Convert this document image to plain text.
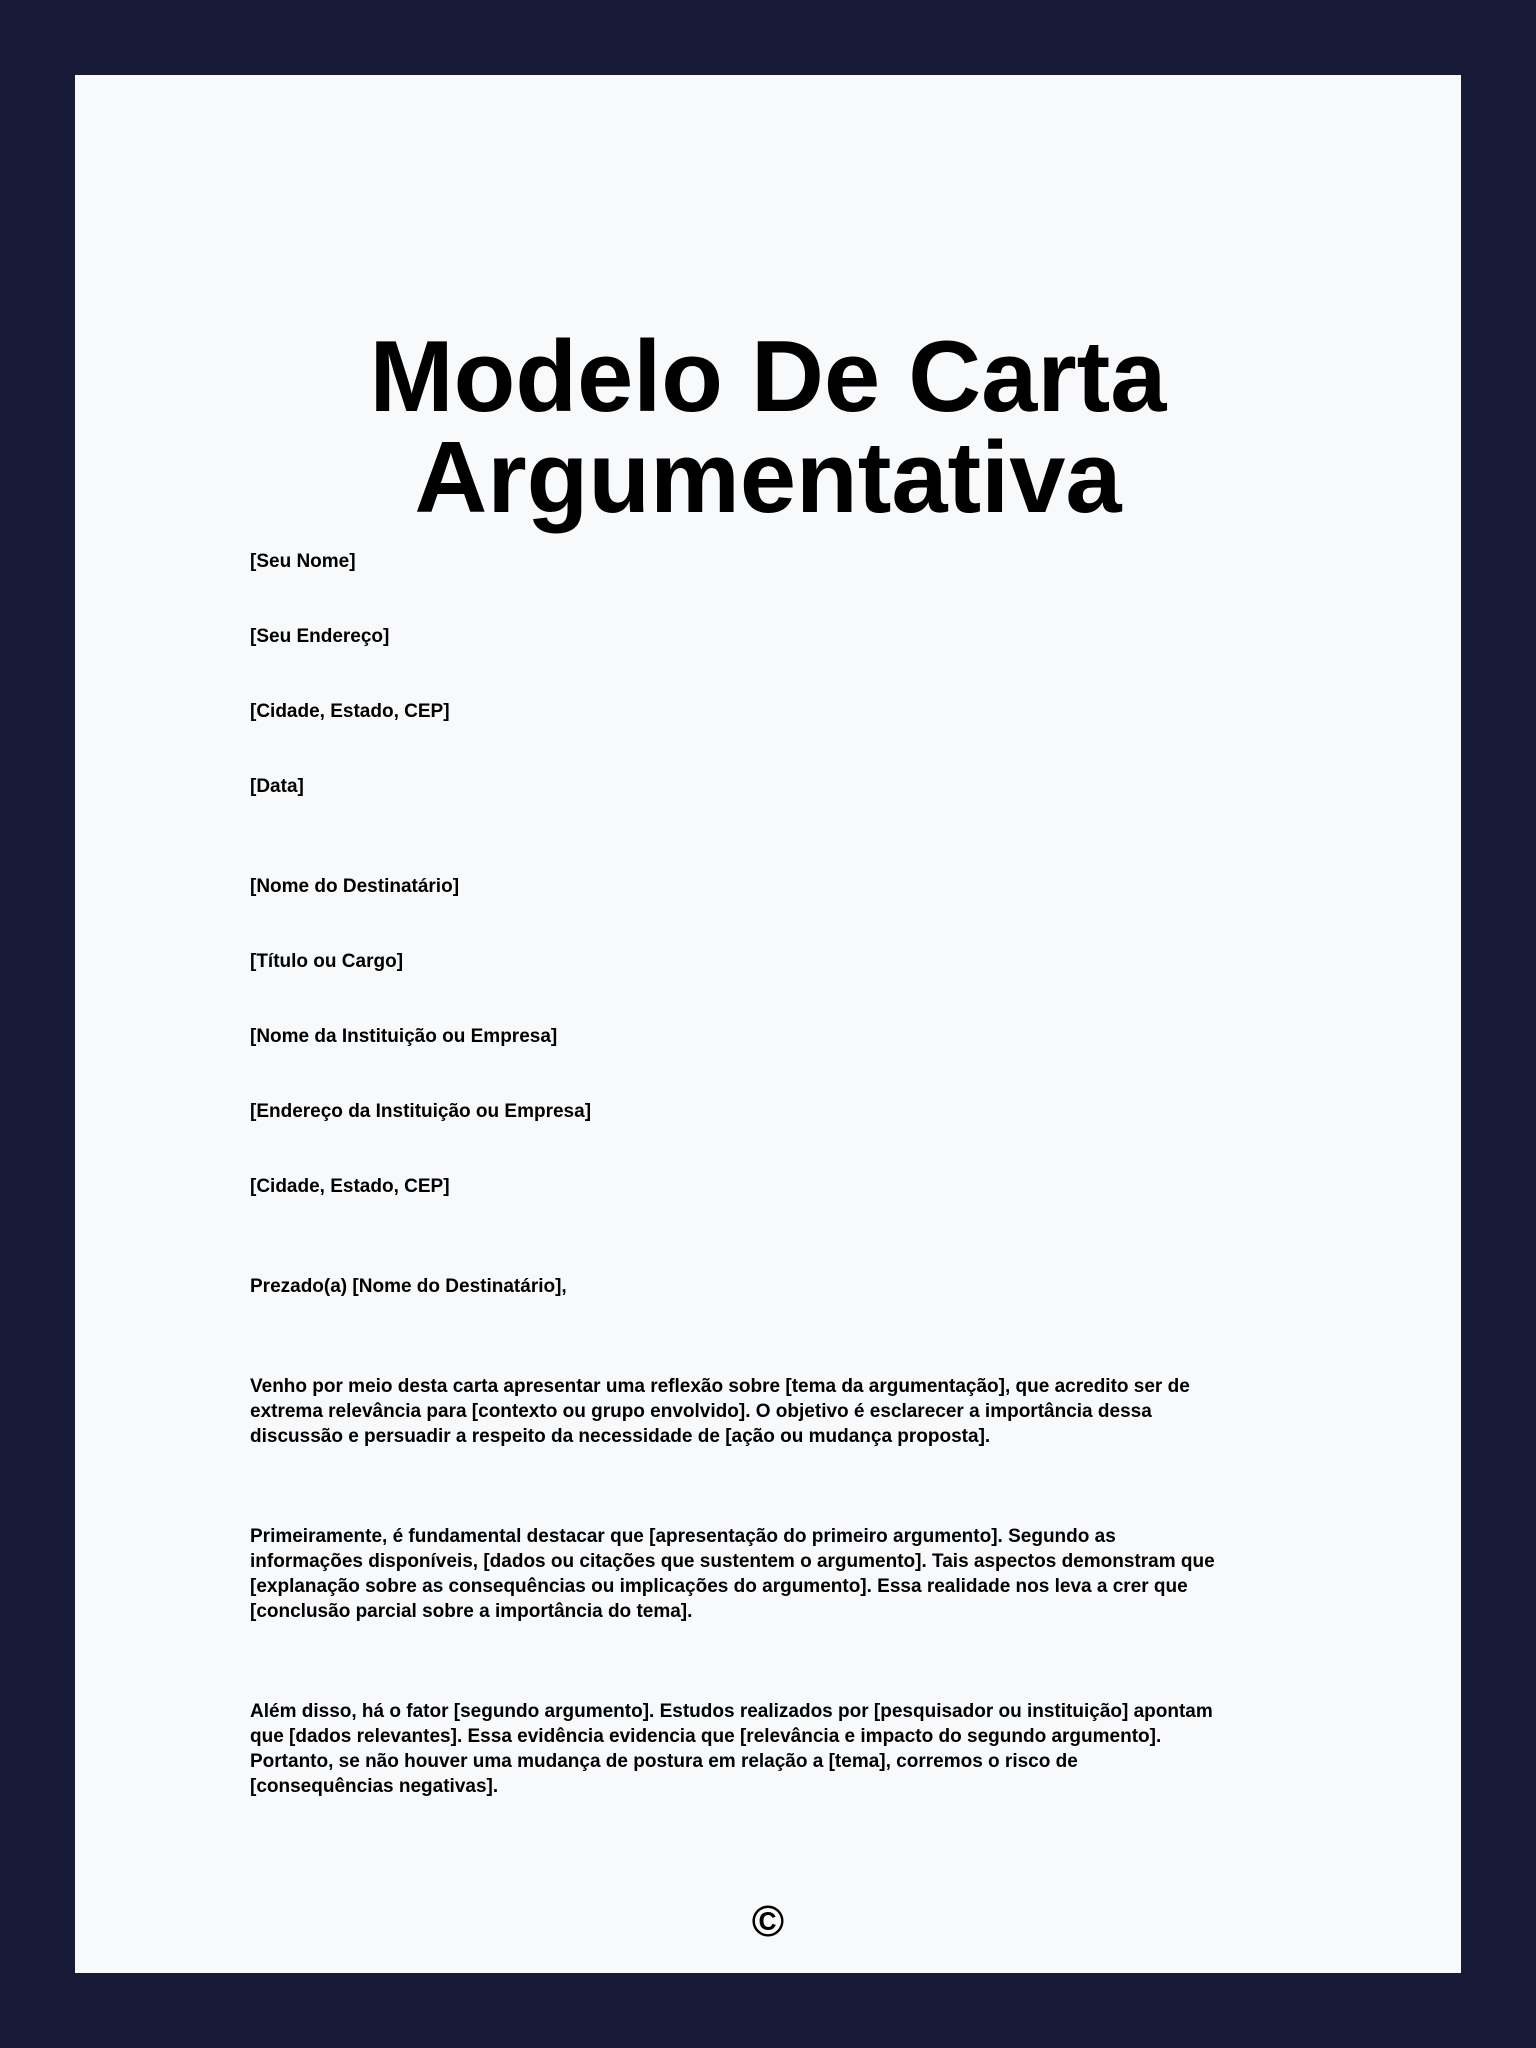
Modelo De Carta
Argumentativa

[Seu Nome]

[Seu Endereço]

[Cidade, Estado, CEP]

[Data]

[Nome do Destinatário]

[Título ou Cargo]

[Nome da Instituição ou Empresa]

[Endereço da Instituição ou Empresa]

[Cidade, Estado, CEP]

Prezado(a) [Nome do Destinatário],

Venho por meio desta carta apresentar uma reflexão sobre [tema da argumentação], que acredito ser de
extrema relevância para [contexto ou grupo envolvido]. O objetivo é esclarecer a importância dessa
discussão e persuadir a respeito da necessidade de [ação ou mudança proposta].
Primeiramente, é fundamental destacar que [apresentação do primeiro argumento]. Segundo as
informações disponíveis, [dados ou citações que sustentem o argumento]. Tais aspectos demonstram que
[explanação sobre as consequências ou implicações do argumento]. Essa realidade nos leva a crer que
[conclusão parcial sobre a importância do tema].
Além disso, há o fator [segundo argumento]. Estudos realizados por [pesquisador ou instituição] apontam
que [dados relevantes]. Essa evidência evidencia que [relevância e impacto do segundo argumento].
Portanto, se não houver uma mudança de postura em relação a [tema], corremos o risco de
[consequências negativas].
©
